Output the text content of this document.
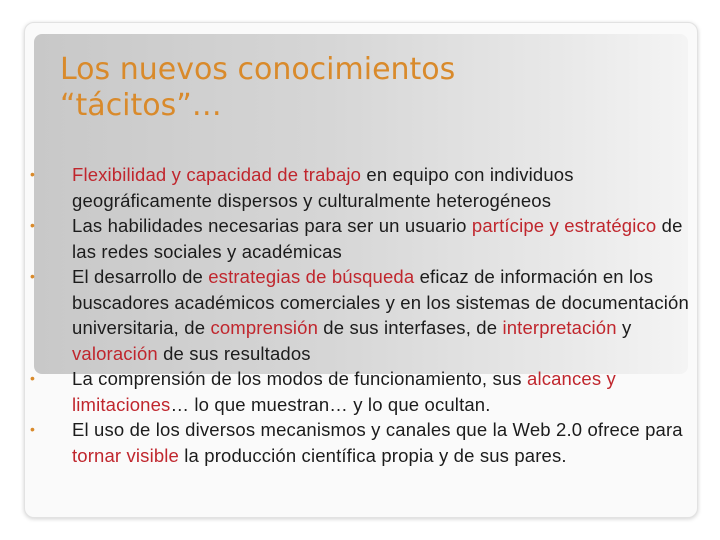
Los nuevos conocimientos
“tácitos”…
• Flexibilidad y capacidad de trabajo en equipo con individuos geográficamente dispersos y culturalmente heterogéneos
• Las habilidades necesarias para ser un usuario partícipe y estratégico de las redes sociales y académicas
• El desarrollo de estrategias de búsqueda eficaz de información en los buscadores académicos comerciales y en los sistemas de documentación universitaria, de comprensión de sus interfases, de interpretación y valoración de sus resultados
• La comprensión de los modos de funcionamiento, sus alcances y limitaciones… lo que muestran… y lo que ocultan.
• El uso de los diversos mecanismos y canales que la Web 2.0 ofrece para tornar visible la producción científica propia y de sus pares.
